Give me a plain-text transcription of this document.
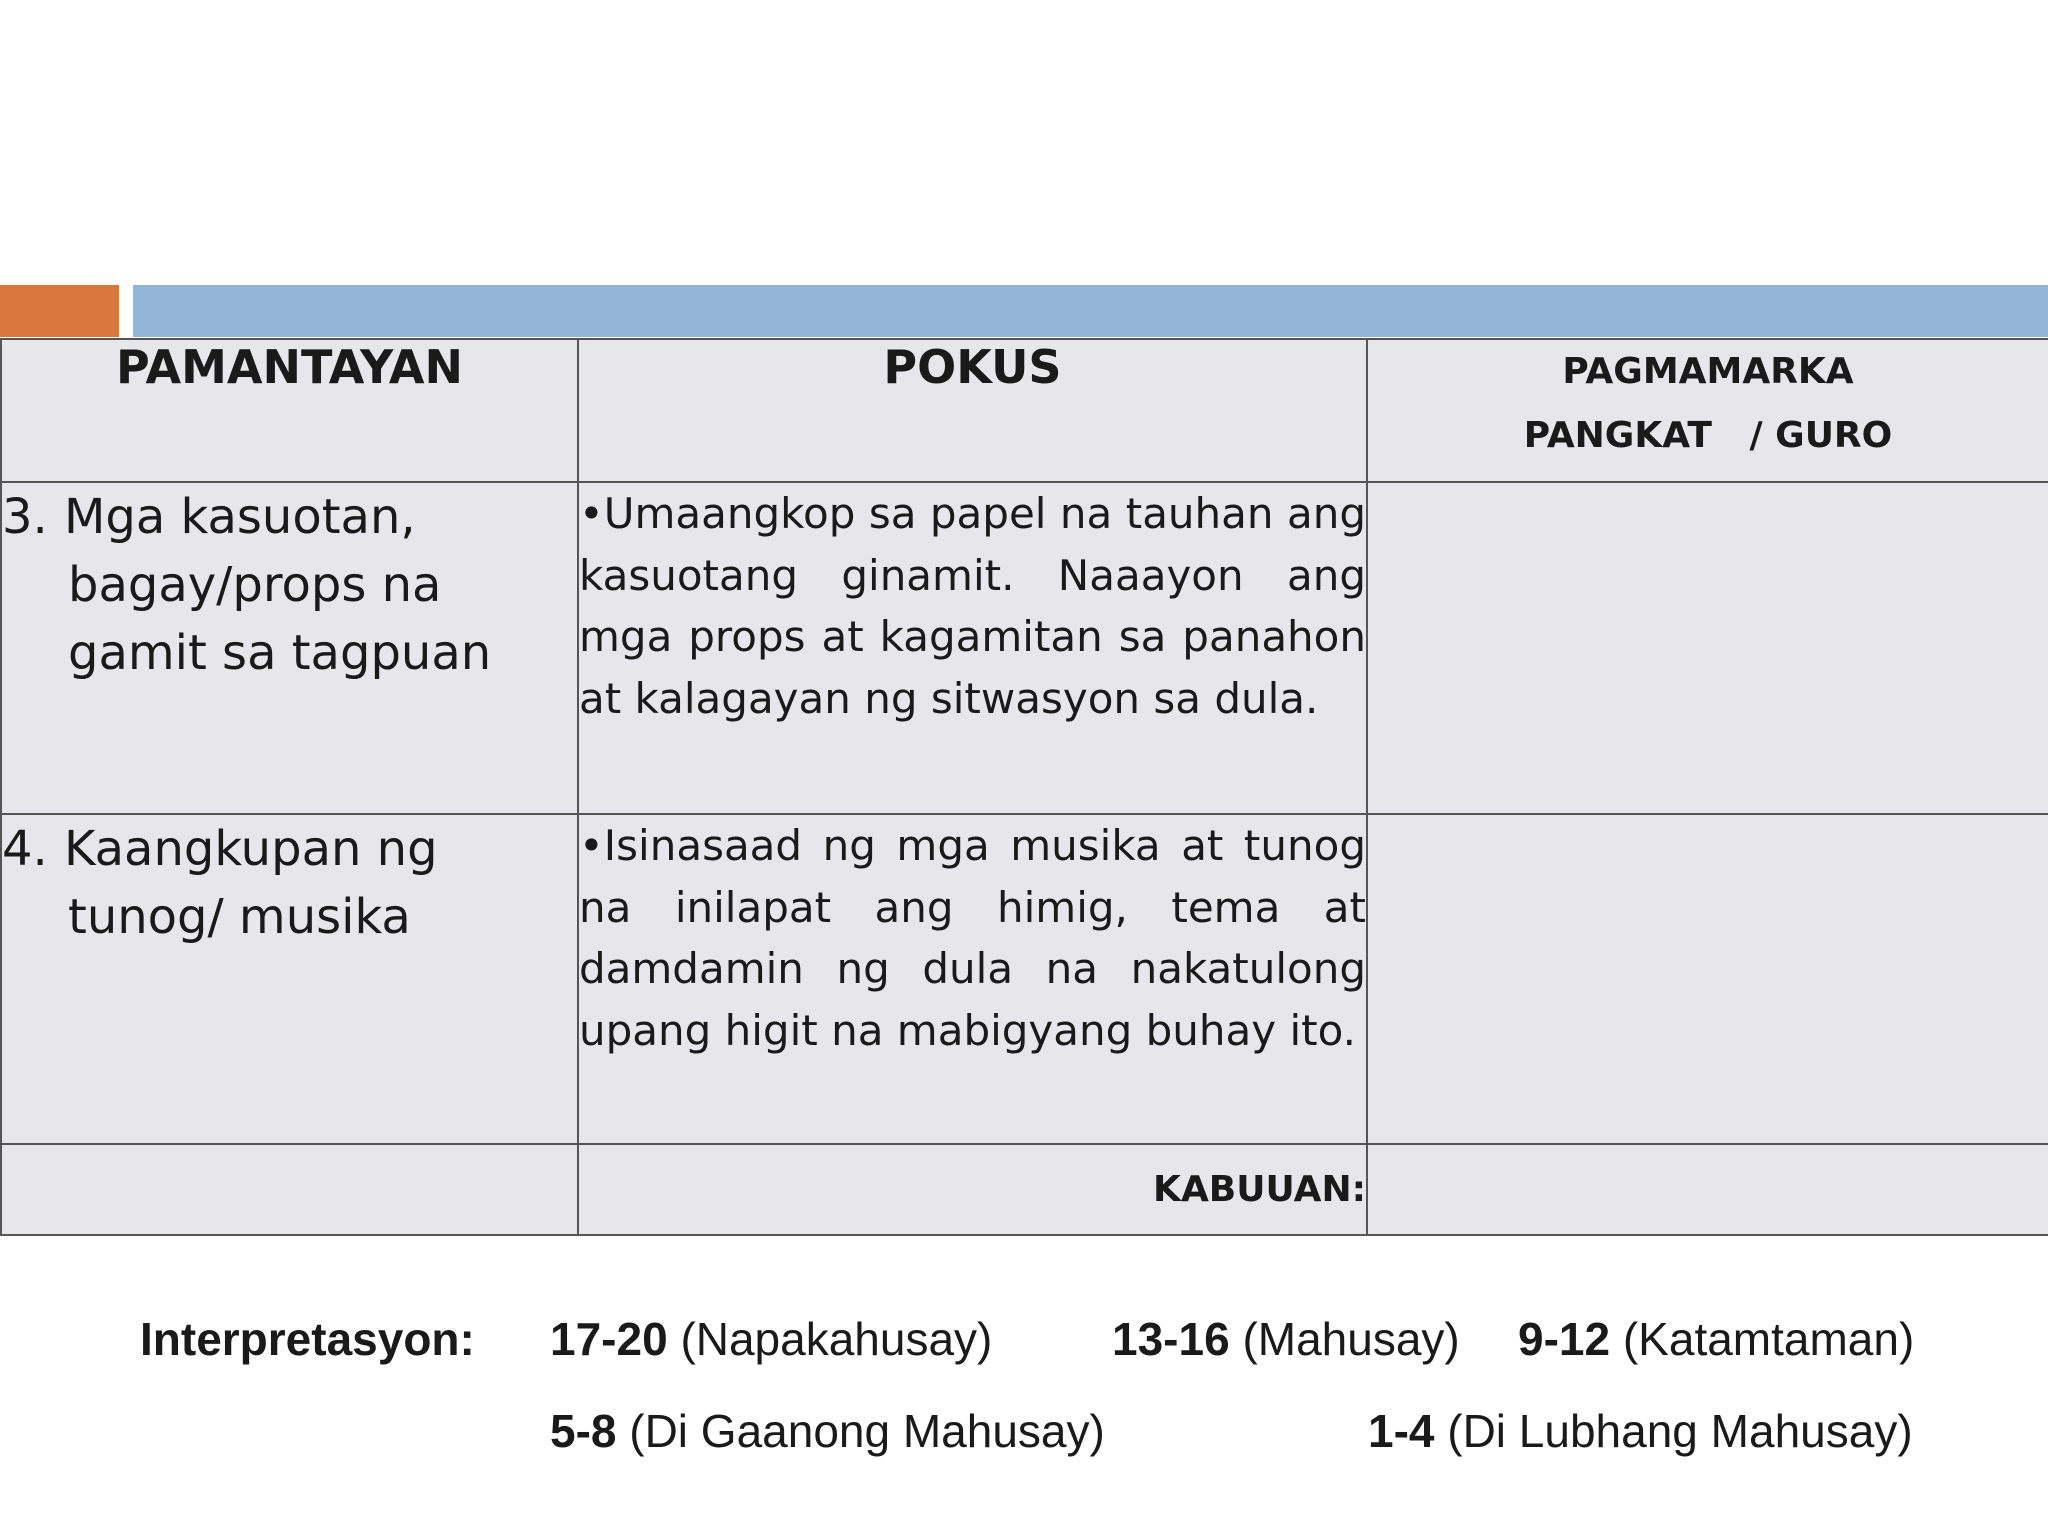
PAMANTAYAN	POKUS	PAGMAMARKA
PANGKAT   / GURO

3. Mga kasuotan,
bagay/props na
gamit sa tagpuan	•Umaangkop sa papel na tauhan ang kasuotang ginamit. Naaayon ang mga props at kagamitan sa panahon at kalagayan ng sitwasyon sa dula.	

4. Kaangkupan ng
tunog/ musika	•Isinasaad ng mga musika at tunog na inilapat ang himig, tema at damdamin ng dula na nakatulong upang higit na mabigyang buhay ito.	
	KABUUAN:	
Interpretasyon: 17-20 (Napakahusay)	13-16 (Mahusay) 9-12 (Katamtaman)
5-8 (Di Gaanong Mahusay)	1-4 (Di Lubhang Mahusay)
